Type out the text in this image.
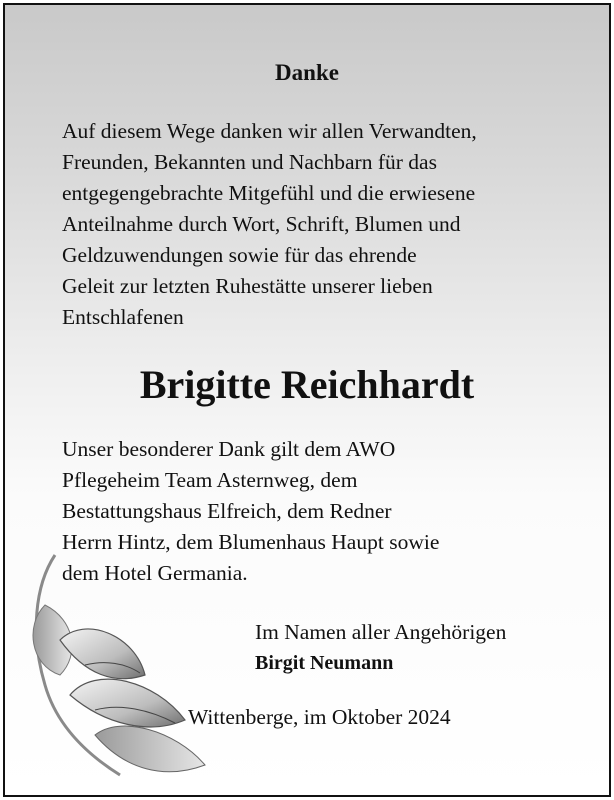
Danke

Auf diesem Wege danken wir allen Verwandten,
Freunden, Bekannten und Nachbarn für das
entgegengebrachte Mitgefühl und die erwiesene
Anteilnahme durch Wort, Schrift, Blumen und
Geldzuwendungen sowie für das ehrende
Geleit zur letzten Ruhestätte unserer lieben
Entschlafenen

Brigitte Reichhardt

Unser besonderer Dank gilt dem AWO
Pflegeheim Team Asternweg, dem
Bestattungshaus Elfreich, dem Redner
Herrn Hintz, dem Blumenhaus Haupt sowie
dem Hotel Germania.

Im Namen aller Angehörigen
Birgit Neumann

Wittenberge, im Oktober 2024
